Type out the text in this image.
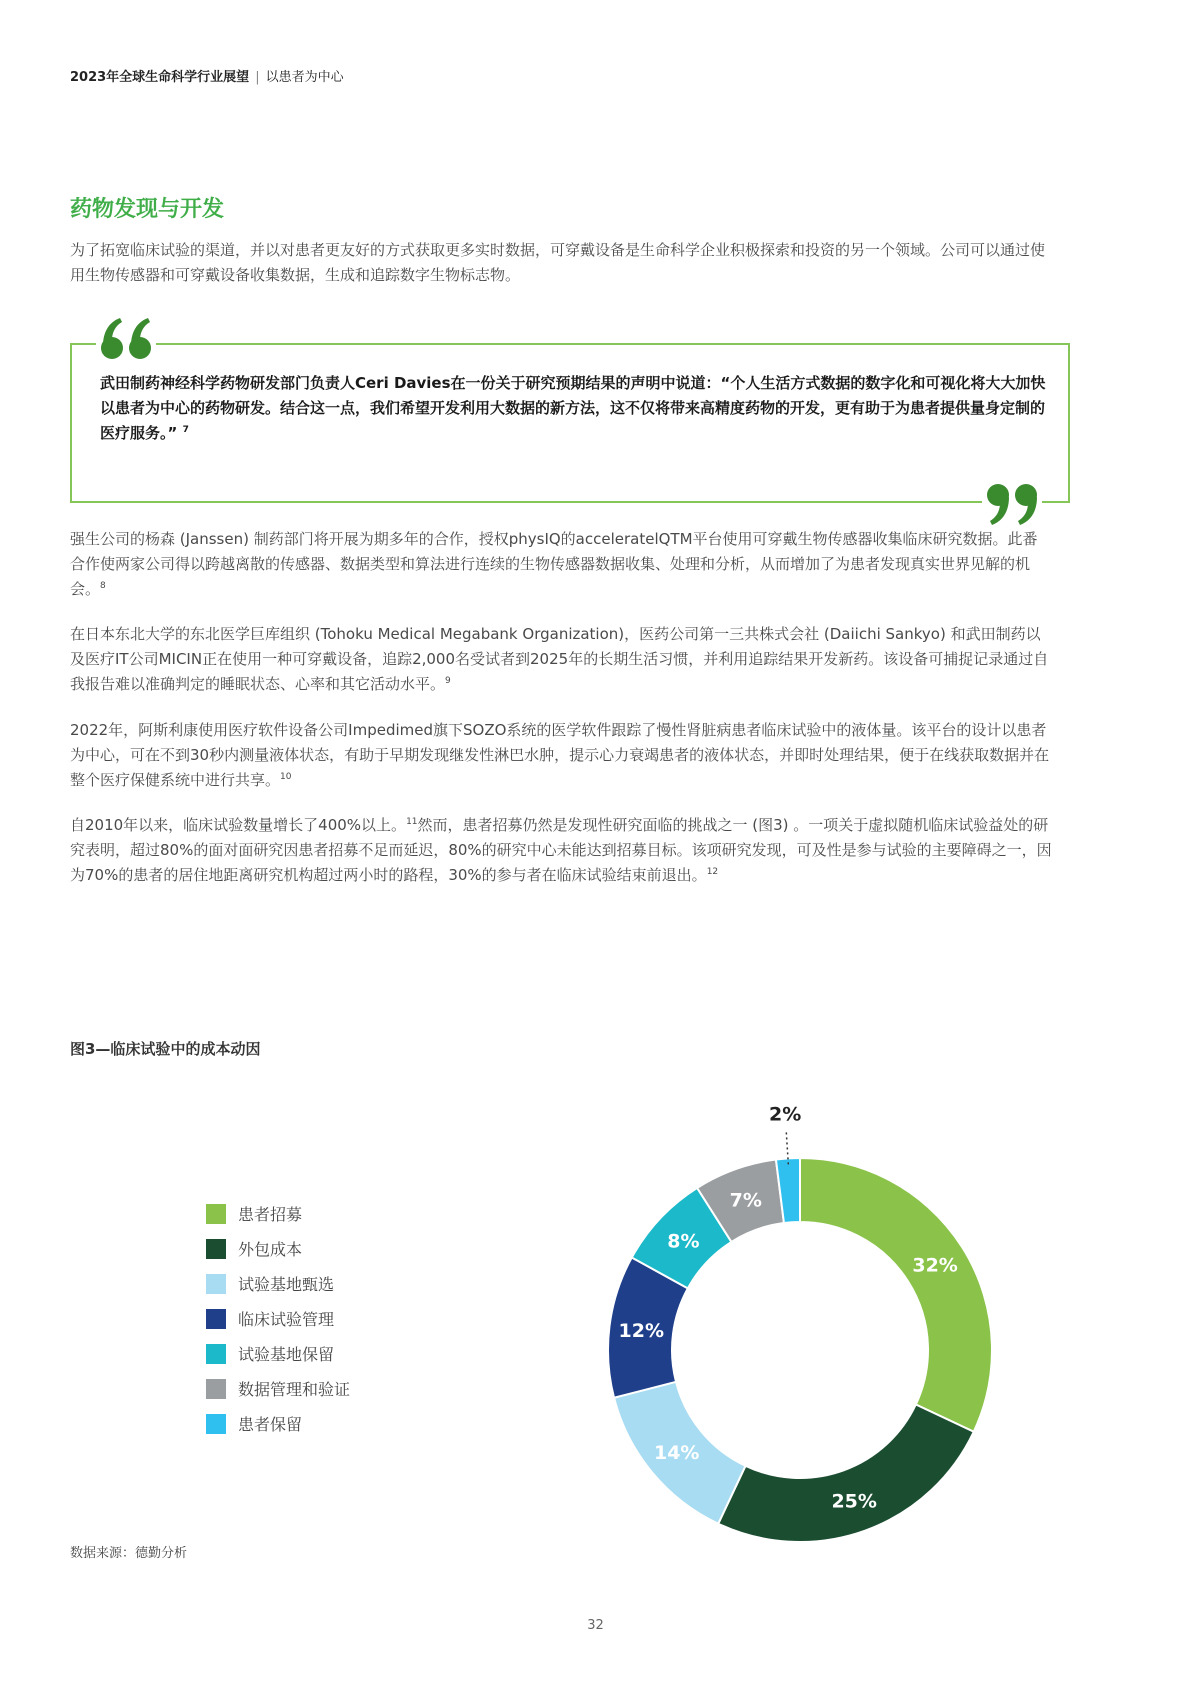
2023年全球生命科学行业展望 | 以患者为中心
药物发现与开发

为了拓宽临床试验的渠道，并以对患者更友好的方式获取更多实时数据，可穿戴设备是生命科学企业积极探索和投资的另一个领域。公司可以通过使用生物传感器和可穿戴设备收集数据，生成和追踪数字生物标志物。

武田制药神经科学药物研发部门负责人Ceri Davies在一份关于研究预期结果的声明中说道：“个人生活方式数据的数字化和可视化将大大加快以患者为中心的药物研发。结合这一点，我们希望开发利用大数据的新方法，这不仅将带来高精度药物的开发，更有助于为患者提供量身定制的医疗服务。” $^7$

强生公司的杨森 (Janssen) 制药部门将开展为期多年的合作，授权physIQ的acceleratelQTM平台使用可穿戴生物传感器收集临床研究数据。此番合作使两家公司得以跨越离散的传感器、数据类型和算法进行连续的生物传感器数据收集、处理和分析，从而增加了为患者发现真实世界见解的机会。$^8$

在日本东北大学的东北医学巨库组织 (Tohoku Medical Megabank Organization)，医药公司第一三共株式会社 (Daiichi Sankyo) 和武田制药以及医疗IT公司MICIN正在使用一种可穿戴设备，追踪2,000名受试者到2025年的长期生活习惯，并利用追踪结果开发新药。该设备可捕捉记录通过自我报告难以准确判定的睡眠状态、心率和其它活动水平。$^9$

2022年，阿斯利康使用医疗软件设备公司Impedimed旗下SOZO系统的医学软件跟踪了慢性肾脏病患者临床试验中的液体量。该平台的设计以患者为中心，可在不到30秒内测量液体状态，有助于早期发现继发性淋巴水肿，提示心力衰竭患者的液体状态，并即时处理结果，便于在线获取数据并在整个医疗保健系统中进行共享。$^{10}$

自2010年以来，临床试验数量增长了400%以上。$^{11}$然而，患者招募仍然是发现性研究面临的挑战之一 (图3) 。一项关于虚拟随机临床试验益处的研究表明，超过80%的面对面研究因患者招募不足而延迟，80%的研究中心未能达到招募目标。该项研究发现，可及性是参与试验的主要障碍之一，因为70%的患者的居住地距离研究机构超过两小时的路程，30%的参与者在临床试验结束前退出。$^{12}$

图3—临床试验中的成本动因

患者招募
外包成本
试验基地甄选
临床试验管理
试验基地保留
数据管理和验证
患者保留
32%
25%
14%
12%
8%
7%
2%
数据来源：德勤分析
32
